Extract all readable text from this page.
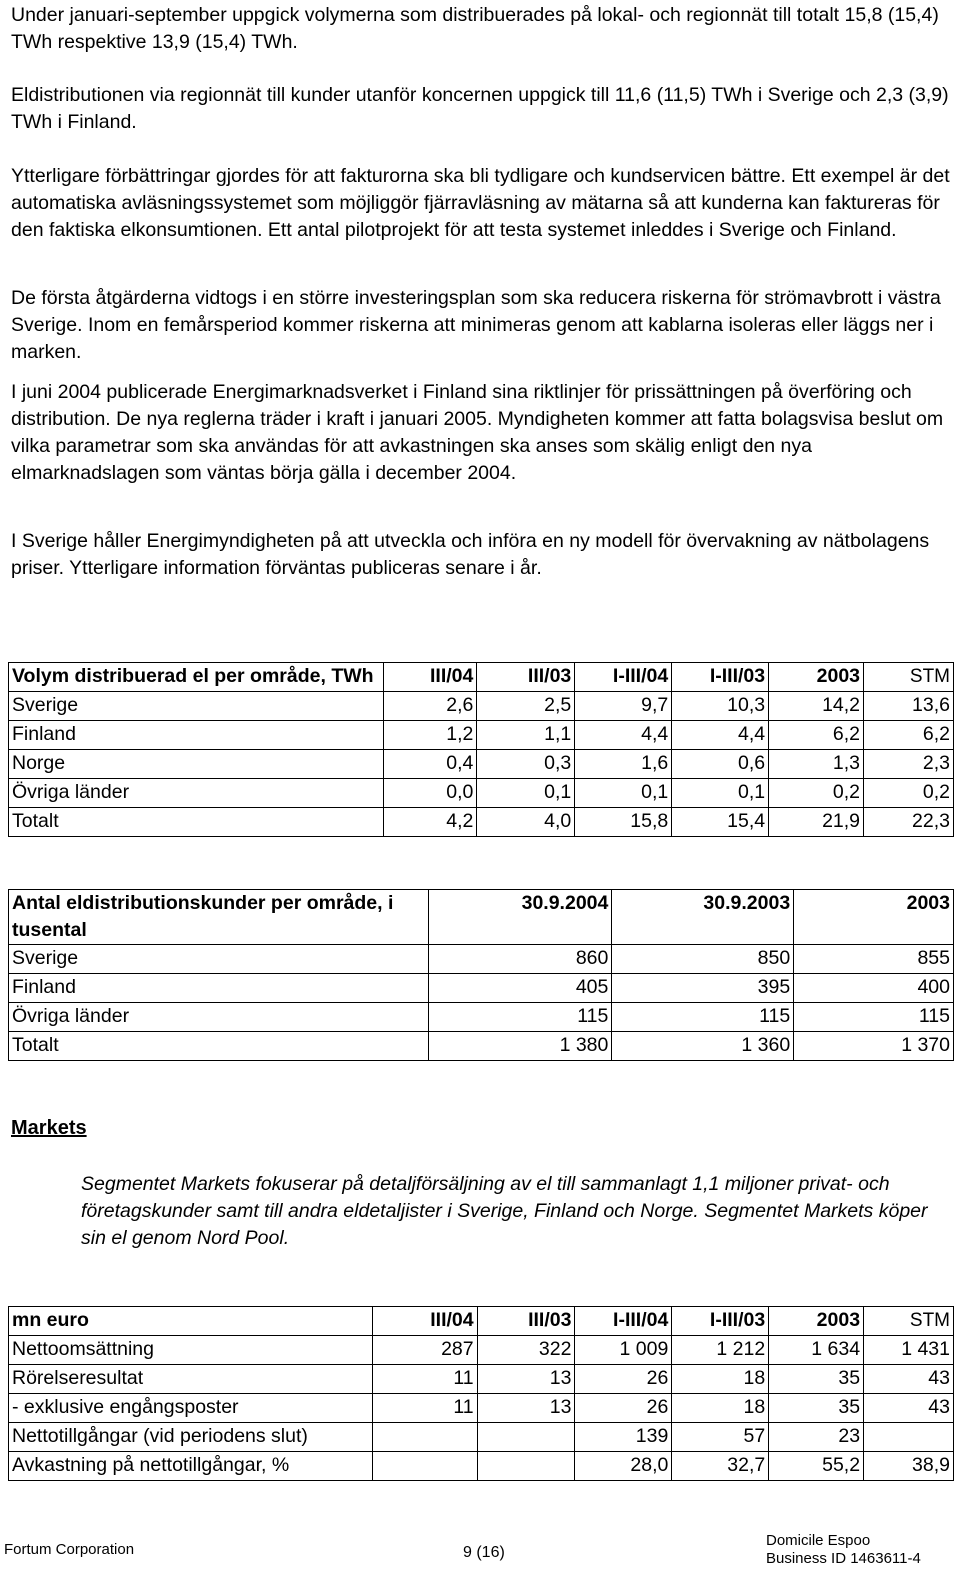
Under januari-september uppgick volymerna som distribuerades på lokal- och regionnät till totalt 15,8 (15,4) TWh respektive 13,9 (15,4) TWh.

Eldistributionen via regionnät till kunder utanför koncernen uppgick till 11,6 (11,5) TWh i Sverige och 2,3 (3,9) TWh i Finland.

Ytterligare förbättringar gjordes för att fakturorna ska bli tydligare och kundservicen bättre. Ett exempel är det automatiska avläsningssystemet som möjliggör fjärravläsning av mätarna så att kunderna kan faktureras för den faktiska elkonsumtionen. Ett antal pilotprojekt för att testa systemet inleddes i Sverige och Finland.

De första åtgärderna vidtogs i en större investeringsplan som ska reducera riskerna för strömavbrott i västra Sverige. Inom en femårsperiod kommer riskerna att minimeras genom att kablarna isoleras eller läggs ner i marken.

I juni 2004 publicerade Energimarknadsverket i Finland sina riktlinjer för prissättningen på överföring och distribution. De nya reglerna träder i kraft i januari 2005. Myndigheten kommer att fatta bolagsvisa beslut om vilka parametrar som ska användas för att avkastningen ska anses som skälig enligt den nya elmarknadslagen som väntas börja gälla i december 2004.

I Sverige håller Energimyndigheten på att utveckla och införa en ny modell för övervakning av nätbolagens priser. Ytterligare information förväntas publiceras senare i år.

Volym distribuerad el per område, TWh	III/04	III/03	I-III/04	I-III/03	2003	STM
Sverige	2,6	2,5	9,7	10,3	14,2	13,6
Finland	1,2	1,1	4,4	4,4	6,2	6,2
Norge	0,4	0,3	1,6	0,6	1,3	2,3
Övriga länder	0,0	0,1	0,1	0,1	0,2	0,2
Totalt	4,2	4,0	15,8	15,4	21,9	22,3
Antal eldistributionskunder per område, i tusental	30.9.2004	30.9.2003	2003
Sverige	860	850	855
Finland	405	395	400
Övriga länder	115	115	115
Totalt	1 380	1 360	1 370
Markets

Segmentet Markets fokuserar på detaljförsäljning av el till sammanlagt 1,1 miljoner privat- och företagskunder samt till andra eldetaljister i Sverige, Finland och Norge. Segmentet Markets köper sin el genom Nord Pool.

mn euro	III/04	III/03	I-III/04	I-III/03	2003	STM
Nettoomsättning	287	322	1 009	1 212	1 634	1 431
Rörelseresultat	11	13	26	18	35	43
- exklusive engångsposter	11	13	26	18	35	43
Nettotillgångar (vid periodens slut)			139	57	23	
Avkastning på nettotillgångar, %			28,0	32,7	55,2	38,9
Fortum Corporation	9 (16)
Domicile Espoo
Business ID 1463611-4
